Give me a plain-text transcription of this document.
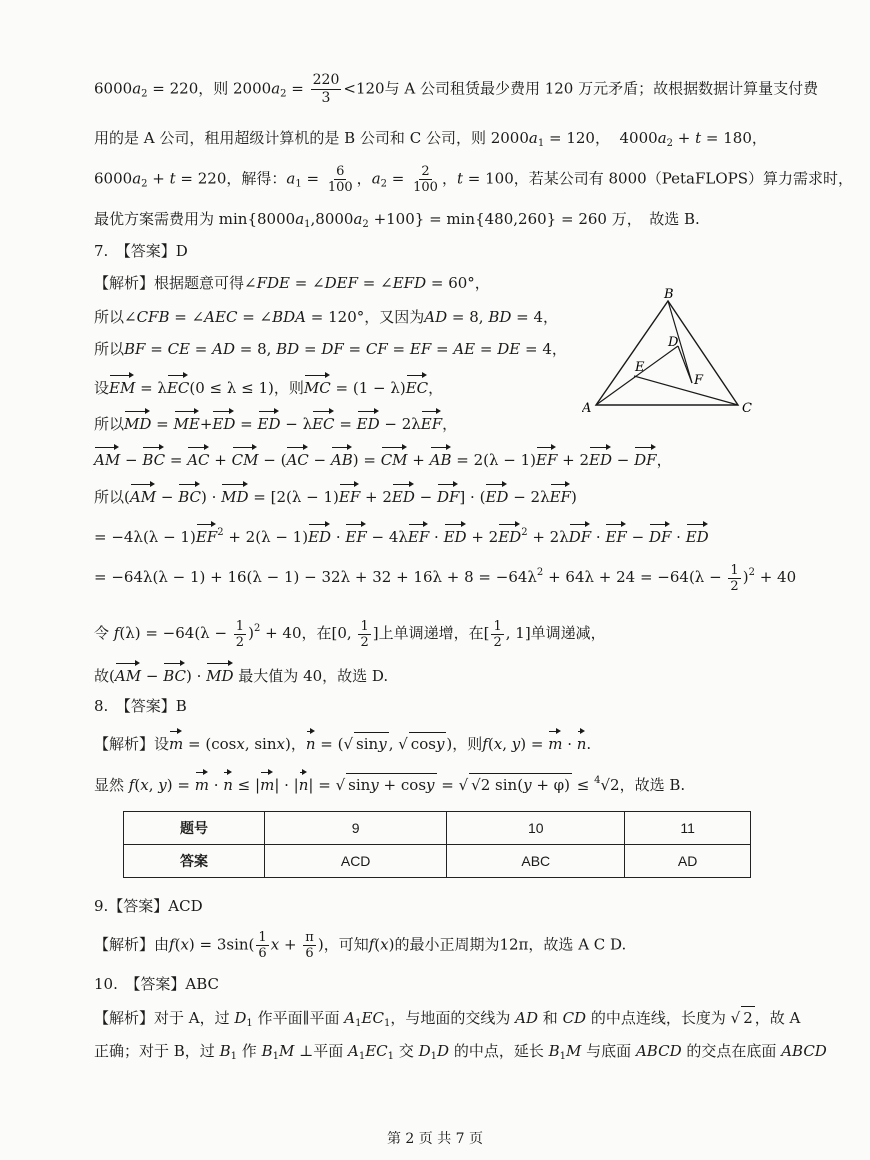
$6000a_2 = 220$，则 $2000a_2 = \frac{220}{3} <120$与 A 公司租赁最少费用 120 万元矛盾；故根据数据计算量支付费
用的是 A 公司，租用超级计算机的是 B 公司和 C 公司，则 $2000a_1 = 120$，  $4000a_2 + t = 180$，
$6000a_2 + t = 220$，解得：$a_1 = \frac{6}{100}$ ，$a_2 = \frac{2}{100}$ ，t = 100，若某公司有 8000（PetaFLOPS）算力需求时，
最优方案需费用为 $\min\{8000a_1,8000a_2 +100\} = \min\{480,260\} = 260$ 万，　故选 B.
7.　【答案】D
【解析】根据题意可得∠FDE = ∠DEF = ∠EFD = 60°，
所以∠CFB = ∠AEC = ∠BDA = 120°，又因为AD = 8, BD = 4，
所以BF = CE = AD = 8, BD = DF = CF = EF = AE = DE = 4，
设EM = λEC(0 ≤ λ ≤ 1)，则MC = (1 − λ)EC，
所以MD = ME+ED = ED − λEC = ED − 2λEF，
AM − BC = AC + CM − (AC − AB) = CM + AB = 2(λ − 1)EF + 2ED − DF，
所以(AM − BC) · MD = [2(λ − 1)EF + 2ED − DF] · (ED − 2λEF)
= $-4\lambda(\lambda - 1)EF^2 + 2(\lambda - 1)ED$ · EF − 4λEF · ED + $2ED^2 + 2\lambda DF$ · EF − DF · ED
= $-64\lambda(\lambda - 1) + 16(\lambda - 1) - 32\lambda + 32 + 16\lambda + 8 = -64\lambda^2 + 64\lambda + 24 = -64(\lambda - \frac{1}{2} )^2 + 40$
令 $f(\lambda) = -64(\lambda - \frac{1}{2} )^2 + 40$，在[0, $\frac{1}{2}$ ]上单调递增，在[ $\frac{1}{2}$ , 1]单调递减，
故(AM − BC) · MD 最大值为 40，故选 D.
B
D
E
F
A	C
8.　【答案】B
【解析】设m = (cosx, sinx)，n = (√ siny , √ cosy )，则f(x, y) = m · n.
显然 f(x, y) = m · n ≤ |m| · |n| = √ siny + cosy = √ √2 sin(y + φ) ≤ $^4$√2，故选 B.
题号	9	10	11
答案	ACD	ABC	AD
9.【答案】ACD
【解析】由$f(x) = 3\sin( \frac{1}{6}$ $x + \frac{\pi}{6}$ )，可知f(x)的最小正周期为12π，故选 A C D.
10.　【答案】ABC
【解析】对于 A，过 $D_1$ 作平面∥平面 $A_1EC_1$，与地面的交线为 AD 和 CD 的中点连线，长度为 √ 2 ，故 A
正确；对于 B，过 $B_1$ 作 $B_1M$ ⊥平面 $A_1EC_1$ 交 $D_1D$ 的中点，延长 $B_1M$ 与底面 ABCD 的交点在底面 ABCD
第 2 页 共 7 页
